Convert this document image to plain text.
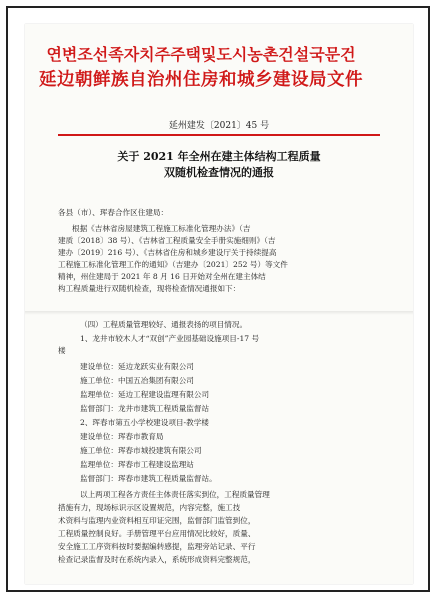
연변조선족자치주주택및도시농촌건설국문건
延边朝鲜族自治州住房和城乡建设局文件
延州建发〔2021〕45 号
关于 2021 年全州在建主体结构工程质量
双随机检查情况的通报
各县（市）、珲春合作区住建局：
根据《吉林省房屋建筑工程施工标准化管理办法》（吉
建质〔2018〕38 号）、《吉林省工程质量安全手册实施细则》（吉
建办〔2019〕216 号）、《吉林省住房和城乡建设厅关于持续提高
工程施工标准化管理工作的通知》（吉建办〔2021〕252 号）等文件
精神，州住建局于 2021 年 8 月 16 日开始对全州在建主体结
构工程质量进行双随机检查，现将检查情况通报如下：
（四）工程质量管理较好、通报表扬的项目情况。
1、龙井市较木人才“双创”产业园基础设施项目-17 号
楼
建设单位：延边龙跃实业有限公司
施工单位：中国五冶集团有限公司
监理单位：延边工程建设监理有限公司
监督部门：龙井市建筑工程质量监督站
2、珲春市第五小学校建设项目-教学楼
建设单位：珲春市教育局
施工单位：珲春市城投建筑有限公司
监理单位：珲春市工程建设监理站
监督部门：珲春市建筑工程质量监督站。
以上两项工程各方责任主体责任落实到位，工程质量管理
措施有力，现场标识示区设置规范，内容完整，施工技
术资料与监理内业资料相互印证完围，监督部门监管到位，
工程质量控制良好。手册管理平台应用情况比较好，质量、
安全施工工序资料按时要据编转感提，监理旁站记录、平行
检查记录监督及时在系统内录入，系统形成资料完整规范，
